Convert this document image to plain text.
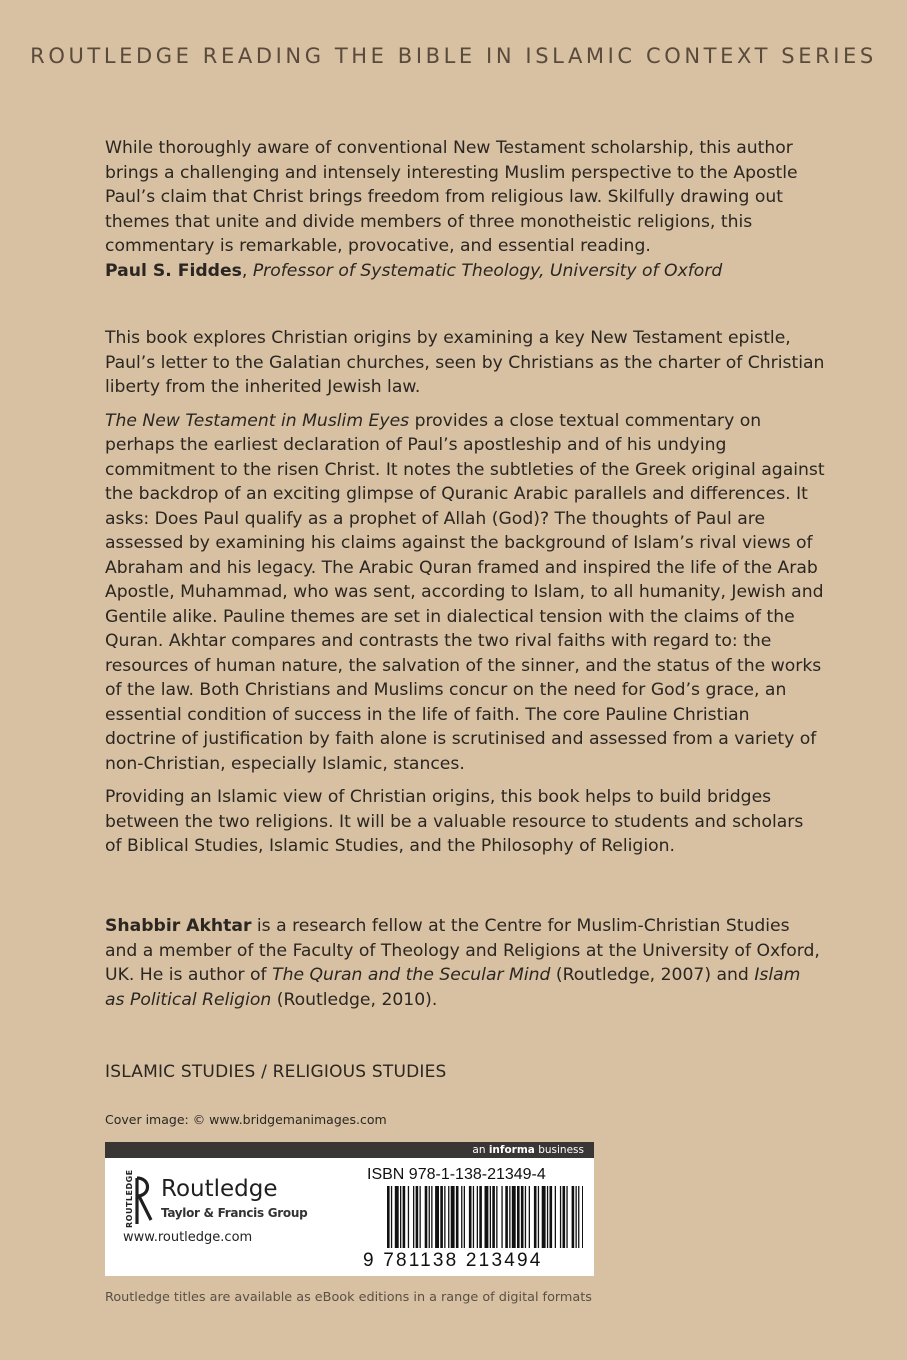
ROUTLEDGE READING THE BIBLE IN ISLAMIC CONTEXT SERIES

While thoroughly aware of conventional New Testament scholarship, this author brings a challenging and intensely interesting Muslim perspective to the Apostle Paul’s claim that Christ brings freedom from religious law. Skilfully drawing out themes that unite and divide members of three monotheistic religions, this commentary is remarkable, provocative, and essential reading.

Paul S. Fiddes, Professor of Systematic Theology, University of Oxford

This book explores Christian origins by examining a key New Testament epistle, Paul’s letter to the Galatian churches, seen by Christians as the charter of Christian liberty from the inherited Jewish law.

The New Testament in Muslim Eyes provides a close textual commentary on perhaps the earliest declaration of Paul’s apostleship and of his undying commitment to the risen Christ. It notes the subtleties of the Greek original against the backdrop of an exciting glimpse of Quranic Arabic parallels and differences. It asks: Does Paul qualify as a prophet of Allah (God)? The thoughts of Paul are assessed by examining his claims against the background of Islam’s rival views of Abraham and his legacy. The Arabic Quran framed and inspired the life of the Arab Apostle, Muhammad, who was sent, according to Islam, to all humanity, Jewish and Gentile alike. Pauline themes are set in dialectical tension with the claims of the Quran. Akhtar compares and contrasts the two rival faiths with regard to: the resources of human nature, the salvation of the sinner, and the status of the works of the law. Both Christians and Muslims concur on the need for God’s grace, an essential condition of success in the life of faith. The core Pauline Christian doctrine of justification by faith alone is scrutinised and assessed from a variety of non-Christian, especially Islamic, stances.

Providing an Islamic view of Christian origins, this book helps to build bridges between the two religions. It will be a valuable resource to students and scholars of Biblical Studies, Islamic Studies, and the Philosophy of Religion.

Shabbir Akhtar is a research fellow at the Centre for Muslim-Christian Studies and a member of the Faculty of Theology and Religions at the University of Oxford, UK. He is author of The Quran and the Secular Mind (Routledge, 2007) and Islam as Political Religion (Routledge, 2010).

ISLAMIC STUDIES / RELIGIOUS STUDIES
Cover image: © www.bridgemanimages.com
an informa business
ROUTLEDGE Routledge
Taylor & Francis Group
www.routledge.com
ISBN 978-1-138-21349-4
9 781138 213494
Routledge titles are available as eBook editions in a range of digital formats
